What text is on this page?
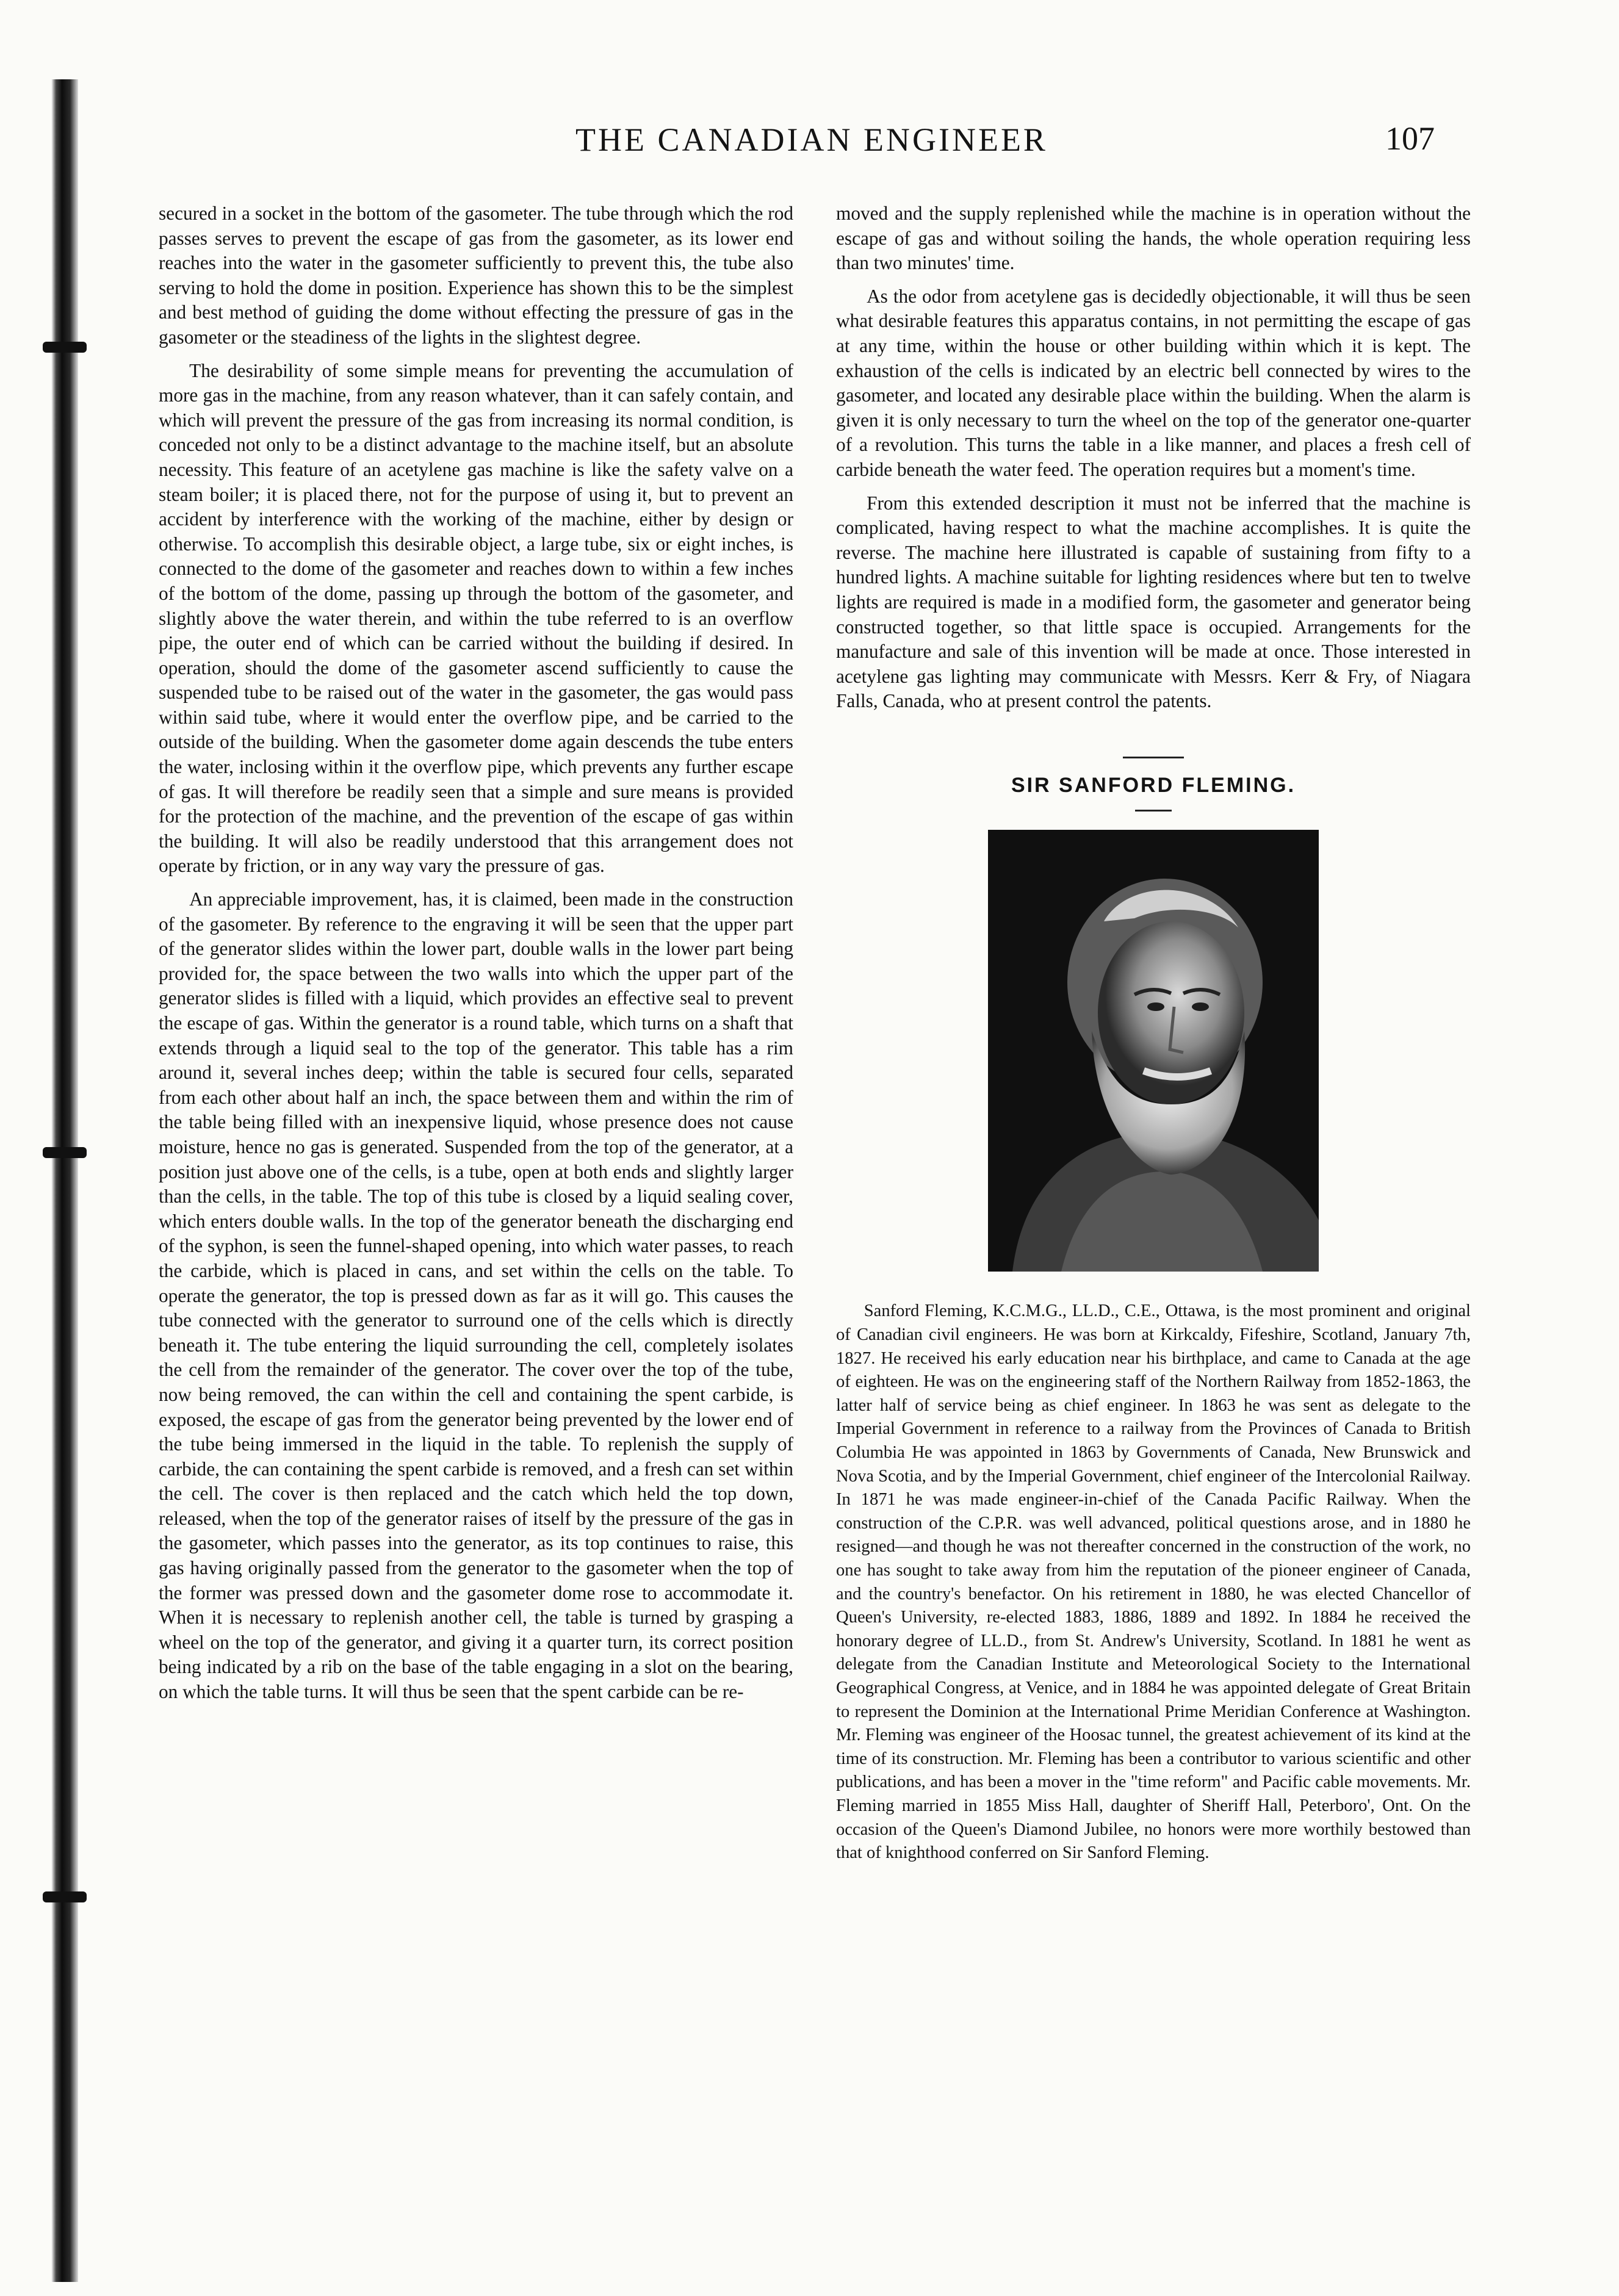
THE CANADIAN ENGINEER	107

secured in a socket in the bottom of the gasometer. The tube through which the rod passes serves to prevent the escape of gas from the gasometer, as its lower end reaches into the water in the gasometer sufficiently to prevent this, the tube also serving to hold the dome in position. Experience has shown this to be the simplest and best method of guiding the dome without effecting the pressure of gas in the gasometer or the steadiness of the lights in the slightest degree.

The desirability of some simple means for preventing the accumulation of more gas in the machine, from any reason whatever, than it can safely contain, and which will prevent the pressure of the gas from increasing its normal condition, is conceded not only to be a distinct advantage to the machine itself, but an absolute necessity. This feature of an acetylene gas machine is like the safety valve on a steam boiler; it is placed there, not for the purpose of using it, but to prevent an accident by interference with the working of the machine, either by design or otherwise. To accomplish this desirable object, a large tube, six or eight inches, is connected to the dome of the gasometer and reaches down to within a few inches of the bottom of the dome, passing up through the bottom of the gasometer, and slightly above the water therein, and within the tube referred to is an overflow pipe, the outer end of which can be carried without the building if desired. In operation, should the dome of the gasometer ascend sufficiently to cause the suspended tube to be raised out of the water in the gasometer, the gas would pass within said tube, where it would enter the overflow pipe, and be carried to the outside of the building. When the gasometer dome again descends the tube enters the water, inclosing within it the overflow pipe, which prevents any further escape of gas. It will therefore be readily seen that a simple and sure means is provided for the protection of the machine, and the prevention of the escape of gas within the building. It will also be readily understood that this arrangement does not operate by friction, or in any way vary the pressure of gas.

An appreciable improvement, has, it is claimed, been made in the construction of the gasometer. By reference to the engraving it will be seen that the upper part of the generator slides within the lower part, double walls in the lower part being provided for, the space between the two walls into which the upper part of the generator slides is filled with a liquid, which provides an effective seal to prevent the escape of gas. Within the generator is a round table, which turns on a shaft that extends through a liquid seal to the top of the generator. This table has a rim around it, several inches deep; within the table is secured four cells, separated from each other about half an inch, the space between them and within the rim of the table being filled with an inexpensive liquid, whose presence does not cause moisture, hence no gas is generated. Suspended from the top of the generator, at a position just above one of the cells, is a tube, open at both ends and slightly larger than the cells, in the table. The top of this tube is closed by a liquid sealing cover, which enters double walls. In the top of the generator beneath the discharging end of the syphon, is seen the funnel-shaped opening, into which water passes, to reach the carbide, which is placed in cans, and set within the cells on the table. To operate the generator, the top is pressed down as far as it will go. This causes the tube connected with the generator to surround one of the cells which is directly beneath it. The tube entering the liquid surrounding the cell, completely isolates the cell from the remainder of the generator. The cover over the top of the tube, now being removed, the can within the cell and containing the spent carbide, is exposed, the escape of gas from the generator being prevented by the lower end of the tube being immersed in the liquid in the table. To replenish the supply of carbide, the can containing the spent carbide is removed, and a fresh can set within the cell. The cover is then replaced and the catch which held the top down, released, when the top of the generator raises of itself by the pressure of the gas in the gasometer, which passes into the generator, as its top continues to raise, this gas having originally passed from the generator to the gasometer when the top of the former was pressed down and the gasometer dome rose to accommodate it. When it is necessary to replenish another cell, the table is turned by grasping a wheel on the top of the generator, and giving it a quarter turn, its correct position being indicated by a rib on the base of the table engaging in a slot on the bearing, on which the table turns. It will thus be seen that the spent carbide can be re-

moved and the supply replenished while the machine is in operation without the escape of gas and without soiling the hands, the whole operation requiring less than two minutes' time.

As the odor from acetylene gas is decidedly objectionable, it will thus be seen what desirable features this apparatus contains, in not permitting the escape of gas at any time, within the house or other building within which it is kept. The exhaustion of the cells is indicated by an electric bell connected by wires to the gasometer, and located any desirable place within the building. When the alarm is given it is only necessary to turn the wheel on the top of the generator one-quarter of a revolution. This turns the table in a like manner, and places a fresh cell of carbide beneath the water feed. The operation requires but a moment's time.

From this extended description it must not be inferred that the machine is complicated, having respect to what the machine accomplishes. It is quite the reverse. The machine here illustrated is capable of sustaining from fifty to a hundred lights. A machine suitable for lighting residences where but ten to twelve lights are required is made in a modified form, the gasometer and generator being constructed together, so that little space is occupied. Arrangements for the manufacture and sale of this invention will be made at once. Those interested in acetylene gas lighting may communicate with Messrs. Kerr & Fry, of Niagara Falls, Canada, who at present control the patents.

SIR SANFORD FLEMING.

Sanford Fleming, K.C.M.G., LL.D., C.E., Ottawa, is the most prominent and original of Canadian civil engineers. He was born at Kirkcaldy, Fifeshire, Scotland, January 7th, 1827. He received his early education near his birthplace, and came to Canada at the age of eighteen. He was on the engineering staff of the Northern Railway from 1852-1863, the latter half of service being as chief engineer. In 1863 he was sent as delegate to the Imperial Government in reference to a railway from the Provinces of Canada to British Columbia He was appointed in 1863 by Governments of Canada, New Brunswick and Nova Scotia, and by the Imperial Government, chief engineer of the Intercolonial Railway. In 1871 he was made engineer-in-chief of the Canada Pacific Railway. When the construction of the C.P.R. was well advanced, political questions arose, and in 1880 he resigned—and though he was not thereafter concerned in the construction of the work, no one has sought to take away from him the reputation of the pioneer engineer of Canada, and the country's benefactor. On his retirement in 1880, he was elected Chancellor of Queen's University, re-elected 1883, 1886, 1889 and 1892. In 1884 he received the honorary degree of LL.D., from St. Andrew's University, Scotland. In 1881 he went as delegate from the Canadian Institute and Meteorological Society to the International Geographical Congress, at Venice, and in 1884 he was appointed delegate of Great Britain to represent the Dominion at the International Prime Meridian Conference at Washington. Mr. Fleming was engineer of the Hoosac tunnel, the greatest achievement of its kind at the time of its construction. Mr. Fleming has been a contributor to various scientific and other publications, and has been a mover in the "time reform" and Pacific cable movements. Mr. Fleming married in 1855 Miss Hall, daughter of Sheriff Hall, Peterboro', Ont. On the occasion of the Queen's Diamond Jubilee, no honors were more worthily bestowed than that of knighthood conferred on Sir Sanford Fleming.
